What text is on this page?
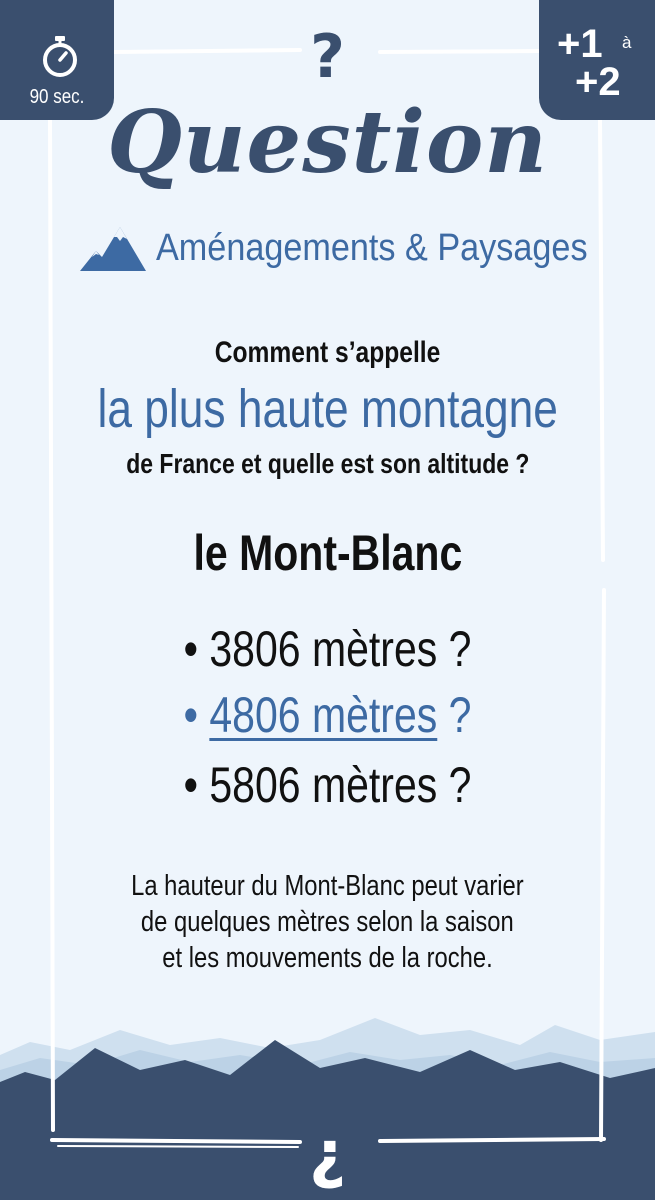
90 sec.
+1 à
+2
?
Question
Aménagements & Paysages
Comment s’appelle
la plus haute montagne
de France et quelle est son altitude ?
le Mont-Blanc
• 3806 mètres ?
• 4806 mètres ?
• 5806 mètres ?
La hauteur du Mont-Blanc peut varier
de quelques mètres selon la saison
et les mouvements de la roche.
¿
